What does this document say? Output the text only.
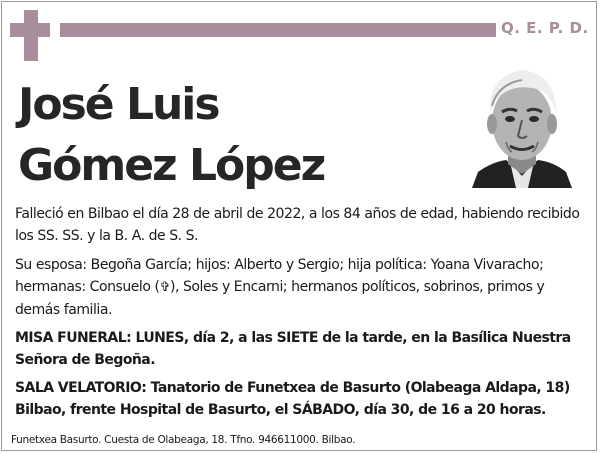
Q. E. P. D.
José Luis
Gómez López
Falleció en Bilbao el día 28 de abril de 2022, a los 84 años de edad, habiendo recibido los SS. SS. y la B. A. de S. S.
Su esposa: Begoña García; hijos: Alberto y Sergio; hija política: Yoana Vivaracho; hermanas: Consuelo (✞), Soles y Encarni; hermanos políticos, sobrinos, primos y demás familia.
MISA FUNERAL: LUNES, día 2, a las SIETE de la tarde, en la Basílica Nuestra Señora de Begoña.
SALA VELATORIO: Tanatorio de Funetxea de Basurto (Olabeaga Aldapa, 18) Bilbao, frente Hospital de Basurto, el SÁBADO, día 30, de 16 a 20 horas.
Funetxea Basurto. Cuesta de Olabeaga, 18. Tfno. 946611000. Bilbao.
